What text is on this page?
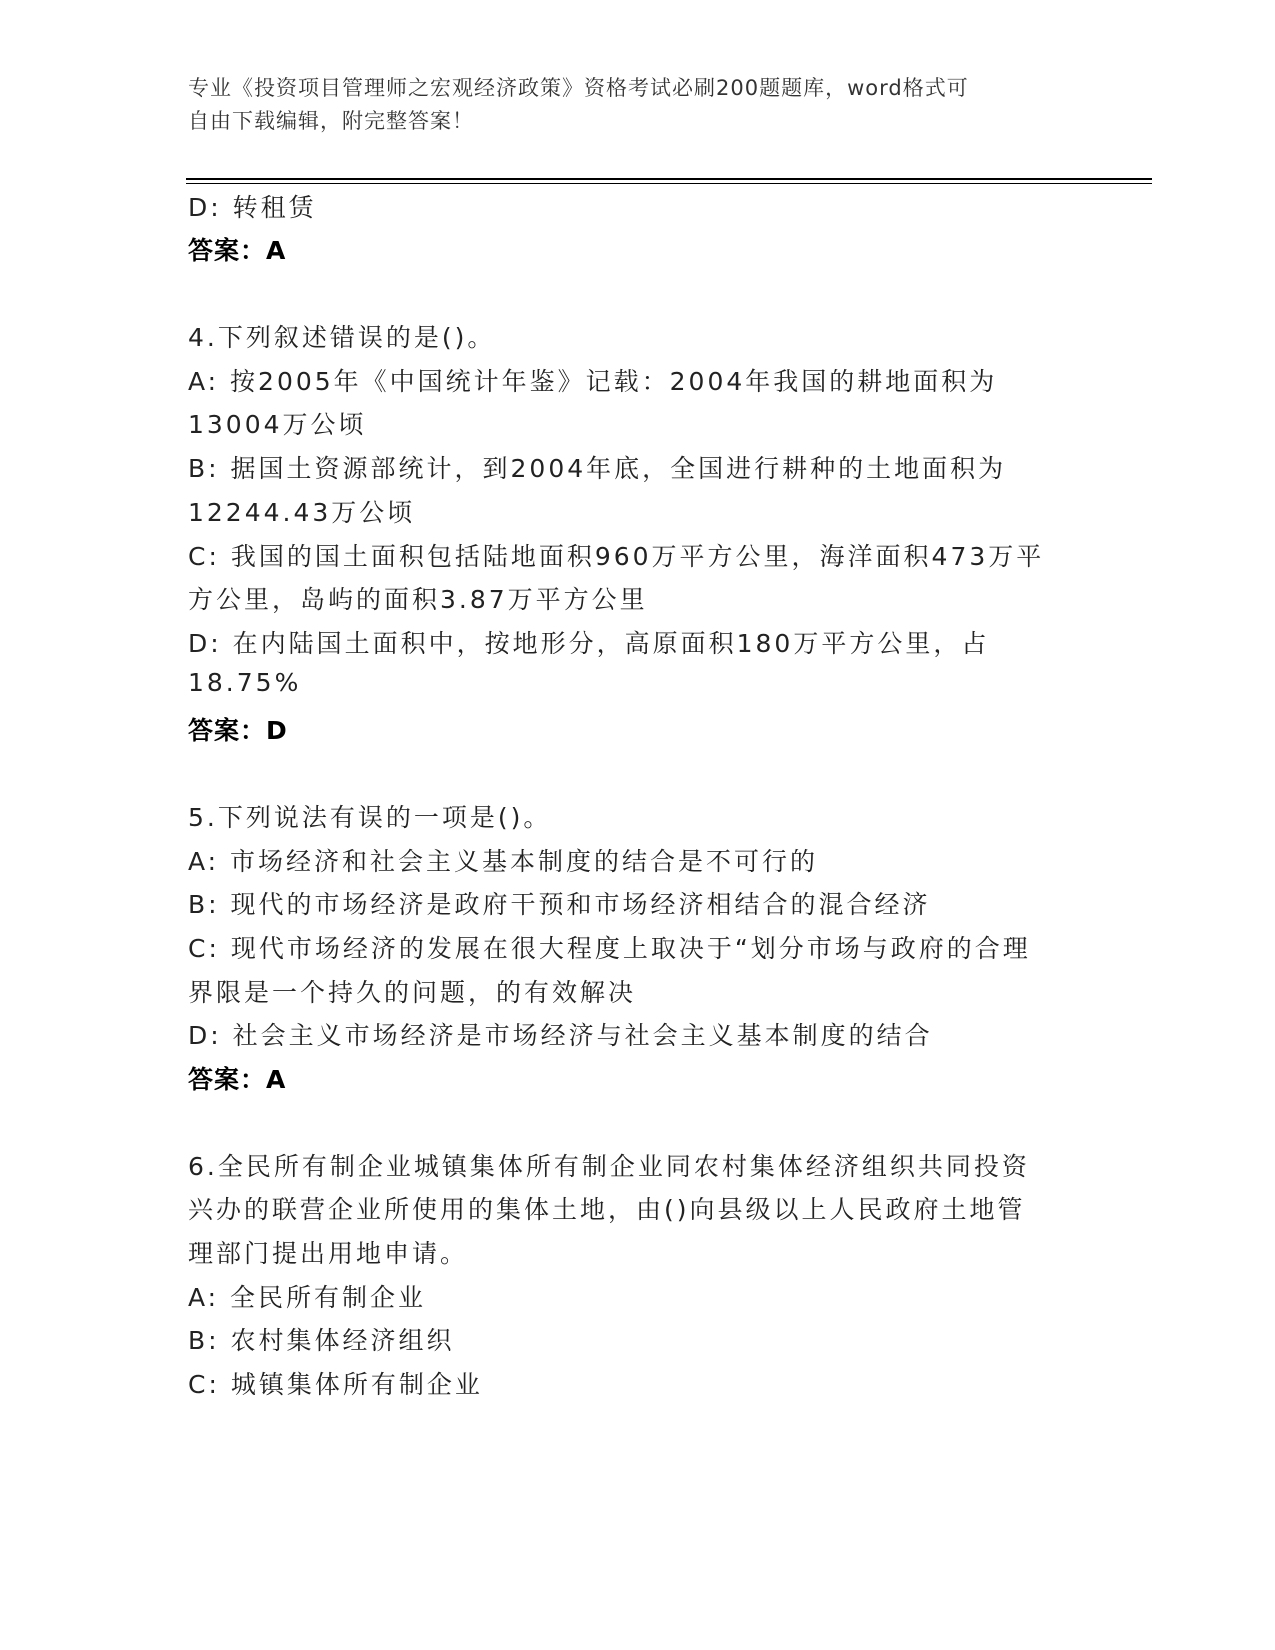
专业《投资项目管理师之宏观经济政策》资格考试必刷200题题库，word格式可
自由下载编辑，附完整答案！
D: 转租赁
答案：A
4.下列叙述错误的是()。
A: 按2005年《中国统计年鉴》记载：2004年我国的耕地面积为
13004万公顷
B: 据国土资源部统计，到2004年底，全国进行耕种的土地面积为
12244.43万公顷
C: 我国的国土面积包括陆地面积960万平方公里，海洋面积473万平
方公里，岛屿的面积3.87万平方公里
D: 在内陆国土面积中，按地形分，高原面积180万平方公里，占
18.75%
答案：D
5.下列说法有误的一项是()。
A: 市场经济和社会主义基本制度的结合是不可行的
B: 现代的市场经济是政府干预和市场经济相结合的混合经济
C: 现代市场经济的发展在很大程度上取决于“划分市场与政府的合理
界限是一个持久的问题，的有效解决
D: 社会主义市场经济是市场经济与社会主义基本制度的结合
答案：A
6.全民所有制企业城镇集体所有制企业同农村集体经济组织共同投资
兴办的联营企业所使用的集体土地，由()向县级以上人民政府土地管
理部门提出用地申请。
A: 全民所有制企业
B: 农村集体经济组织
C: 城镇集体所有制企业
